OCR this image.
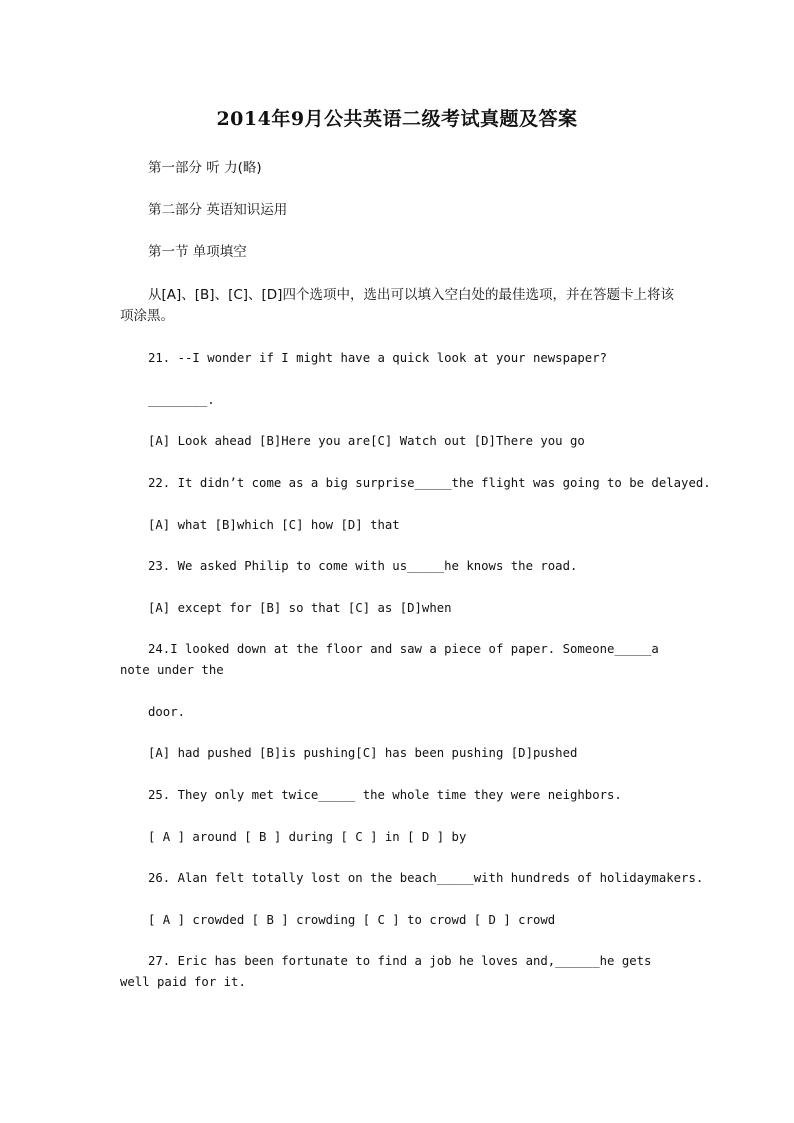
2014年9月公共英语二级考试真题及答案
第一部分 听 力(略)
第二部分 英语知识运用
第一节 单项填空
从[A]、[B]、[C]、[D]四个选项中，选出可以填入空白处的最佳选项，并在答题卡上将该项涂黑。
21. --I wonder if I might have a quick look at your newspaper?
________.
[A] Look ahead [B]Here you are[C] Watch out [D]There you go
22. It didn’t come as a big surprise_____the flight was going to be delayed.
[A] what [B]which [C] how [D] that
23. We asked Philip to come with us_____he knows the road.
[A] except for [B] so that [C] as [D]when
24.I looked down at the floor and saw a piece of paper. Someone_____a note under the
door.
[A] had pushed [B]is pushing[C] has been pushing [D]pushed
25. They only met twice_____ the whole time they were neighbors.
[ A ] around [ B ] during [ C ] in [ D ] by
26. Alan felt totally lost on the beach_____with hundreds of holidaymakers.
[ A ] crowded [ B ] crowding [ C ] to crowd [ D ] crowd
27. Eric has been fortunate to find a job he loves and,______he gets well paid for it.
